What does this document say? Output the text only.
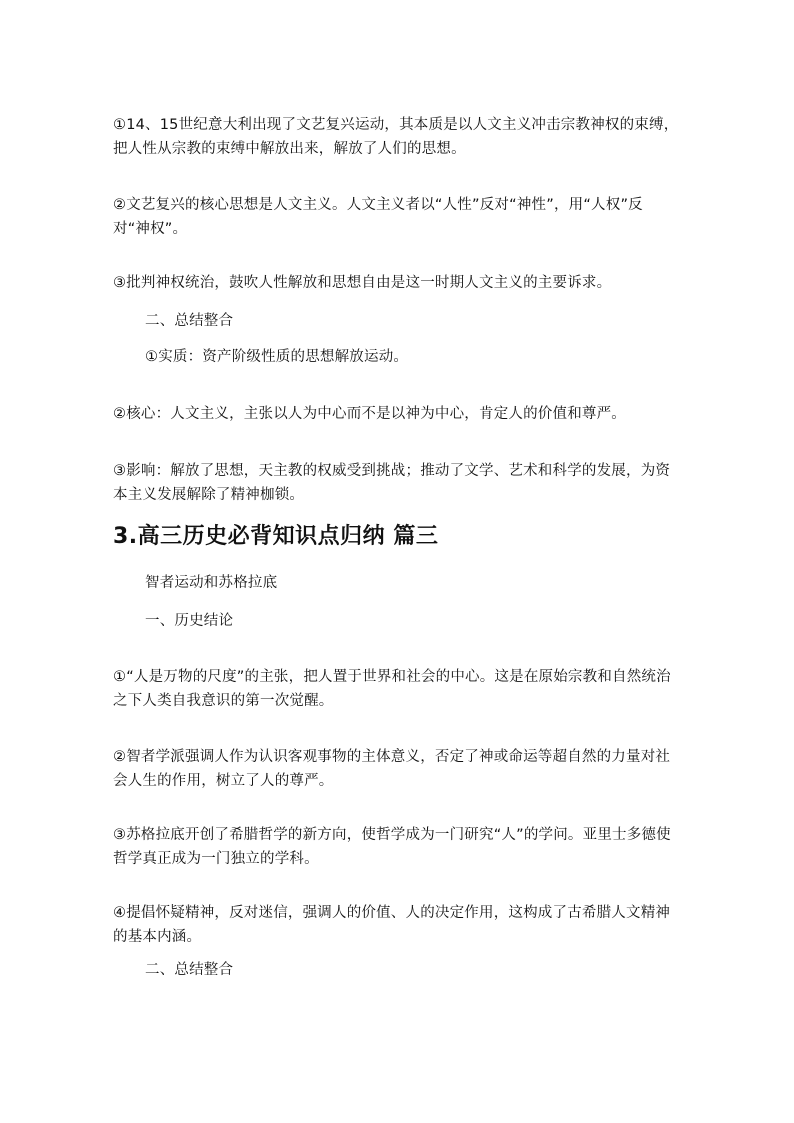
①14、15世纪意大利出现了文艺复兴运动，其本质是以人文主义冲击宗教神权的束缚，把人性从宗教的束缚中解放出来，解放了人们的思想。

②文艺复兴的核心思想是人文主义。人文主义者以“人性”反对“神性”，用“人权”反对“神权”。

③批判神权统治，鼓吹人性解放和思想自由是这一时期人文主义的主要诉求。

二、总结整合

①实质：资产阶级性质的思想解放运动。

②核心：人文主义，主张以人为中心而不是以神为中心，肯定人的价值和尊严。

③影响：解放了思想，天主教的权威受到挑战；推动了文学、艺术和科学的发展，为资本主义发展解除了精神枷锁。

3.高三历史必背知识点归纳 篇三

智者运动和苏格拉底

一、历史结论

①“人是万物的尺度”的主张，把人置于世界和社会的中心。这是在原始宗教和自然统治之下人类自我意识的第一次觉醒。

②智者学派强调人作为认识客观事物的主体意义，否定了神或命运等超自然的力量对社会人生的作用，树立了人的尊严。

③苏格拉底开创了希腊哲学的新方向，使哲学成为一门研究“人”的学问。亚里士多德使哲学真正成为一门独立的学科。

④提倡怀疑精神，反对迷信，强调人的价值、人的决定作用，这构成了古希腊人文精神的基本内涵。

二、总结整合
